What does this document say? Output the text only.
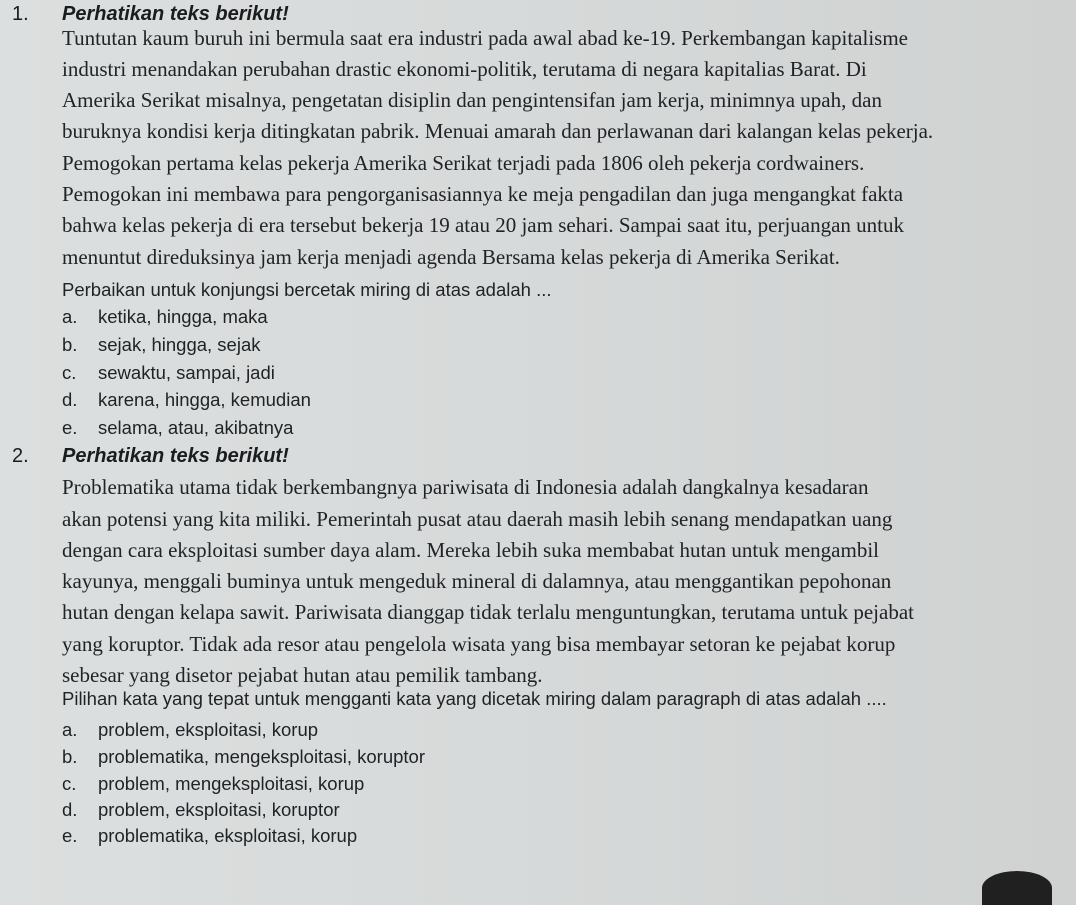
1. Perhatikan teks berikut!
Tuntutan kaum buruh ini bermula saat era industri pada awal abad ke-19. Perkembangan kapitalisme
industri menandakan perubahan drastic ekonomi-politik, terutama di negara kapitalias Barat. Di
Amerika Serikat misalnya, pengetatan disiplin dan pengintensifan jam kerja, minimnya upah, dan
buruknya kondisi kerja ditingkatan pabrik. Menuai amarah dan perlawanan dari kalangan kelas pekerja.
Pemogokan pertama kelas pekerja Amerika Serikat terjadi pada 1806 oleh pekerja cordwainers.
Pemogokan ini membawa para pengorganisasiannya ke meja pengadilan dan juga mengangkat fakta
bahwa kelas pekerja di era tersebut bekerja 19 atau 20 jam sehari. Sampai saat itu, perjuangan untuk
menuntut direduksinya jam kerja menjadi agenda Bersama kelas pekerja di Amerika Serikat.
Perbaikan untuk konjungsi bercetak miring di atas adalah ...
a. ketika, hingga, maka
b. sejak, hingga, sejak
c. sewaktu, sampai, jadi
d. karena, hingga, kemudian
e. selama, atau, akibatnya
2. Perhatikan teks berikut!
Problematika utama tidak berkembangnya pariwisata di Indonesia adalah dangkalnya kesadaran
akan potensi yang kita miliki. Pemerintah pusat atau daerah masih lebih senang mendapatkan uang
dengan cara eksploitasi sumber daya alam. Mereka lebih suka membabat hutan untuk mengambil
kayunya, menggali buminya untuk mengeduk mineral di dalamnya, atau menggantikan pepohonan
hutan dengan kelapa sawit. Pariwisata dianggap tidak terlalu menguntungkan, terutama untuk pejabat
yang koruptor. Tidak ada resor atau pengelola wisata yang bisa membayar setoran ke pejabat korup
sebesar yang disetor pejabat hutan atau pemilik tambang.
Pilihan kata yang tepat untuk mengganti kata yang dicetak miring dalam paragraph di atas adalah ....
a. problem, eksploitasi, korup
b. problematika, mengeksploitasi, koruptor
c. problem, mengeksploitasi, korup
d. problem, eksploitasi, koruptor
e. problematika, eksploitasi, korup
